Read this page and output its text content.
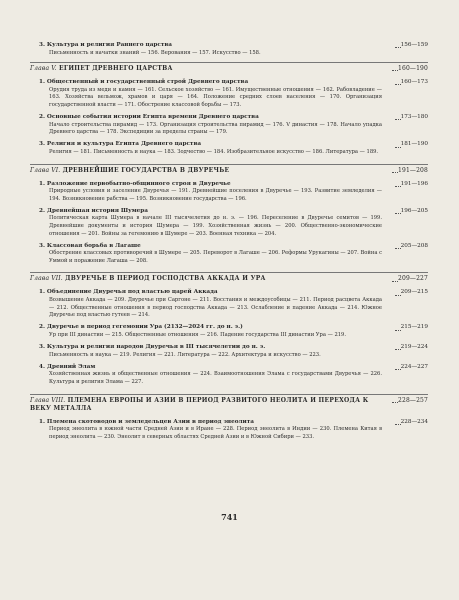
3. Культура и религия Раннего царства	156—159
Письменность и начатки знаний — 156. Верования — 157. Искусство — 158.
Глава V. ЕГИПЕТ ДРЕВНЕГО ЦАРСТВА	160—190
1. Общественный и государственный строй Древнего царства	160—173
Орудия труда из меди и камня — 161. Сельское хозяйство — 161. Имущественные отношения — 162. Рабовладение — 163. Хозяйства вельмож, храмов и царя — 164. Положение средних слоев населения — 170. Организация государственной власти — 171. Обострение классовой борьбы — 173.
2. Основные события истории Египта времени Древнего царства	173—180
Начало строительства пирамид — 173. Организация строительства пирамид — 176. V династия — 178. Начало упадка Древнего царства — 178. Экспедиции за пределы страны — 179.
3. Религия и культура Египта Древнего царства	181—190
Религия — 181. Письменность и наука — 183. Зодчество — 184. Изобразительное искусство — 186. Литература — 189.
Глава VI. ДРЕВНЕЙШИЕ ГОСУДАРСТВА В ДВУРЕЧЬЕ	191—208
1. Разложение первобытно-общинного строя в Двуречье	191—196
Природные условия и заселение Двуречья — 191. Древнейшие поселения в Двуречье — 193. Развитие земледелия — 194. Возникновение рабства — 195. Возникновение государства — 196.
2. Древнейшая история Шумера	196—205
Политическая карта Шумера в начале III тысячелетия до н. э. — 196. Переселение в Двуречье семитов — 199. Древнейшие документы и история Шумера — 199. Хозяйственная жизнь — 200. Общественно-экономические отношения — 201. Войны за гегемонию в Шумере — 203. Военная техника — 204.
3. Классовая борьба в Лагаше	205—208
Обострение классовых противоречий в Шумере — 205. Переворот в Лагаше — 206. Реформы Урукагины — 207. Война с Уммой и поражение Лагаша — 208.
Глава VII. ДВУРЕЧЬЕ В ПЕРИОД ГОСПОДСТВА АККАДА И УРА	209—227
1. Объединение Двуречья под властью царей Аккада	209—215
Возвышение Аккада — 209. Двуречье при Саргоне — 211. Восстания и междоусобицы — 211. Период расцвета Аккада — 212. Общественные отношения в период господства Аккада — 213. Ослабление и падение Аккада — 214. Южное Двуречье под властью гутеев — 214.
2. Двуречье в период гегемонии Ура (2132—2024 гг. до н. э.)	215—219
Ур при III династии — 215. Общественные отношения — 216. Падение государства III династии Ура — 219.
3. Культура и религия народов Двуречья в III тысячелетии до н. э.	219—224
Письменность и наука — 219. Религия — 221. Литература — 222. Архитектура и искусство — 223.
4. Древний Элам	224—227
Хозяйственная жизнь и общественные отношения — 224. Взаимоотношения Элама с государствами Двуречья — 226. Культура и религия Элама — 227.
Глава VIII. ПЛЕМЕНА ЕВРОПЫ И АЗИИ В ПЕРИОД РАЗВИТОГО НЕОЛИТА И ПЕРЕХОДА К ВЕКУ МЕТАЛЛА
228—257
1. Племена скотоводов и земледельцев Азии в период энеолита	228—234
Период энеолита в южной части Средней Азии и в Иране — 228. Период энеолита в Индии — 230. Племена Китая в период энеолита — 230. Энеолит в северных областях Средней Азии и в Южной Сибири — 233.
741
